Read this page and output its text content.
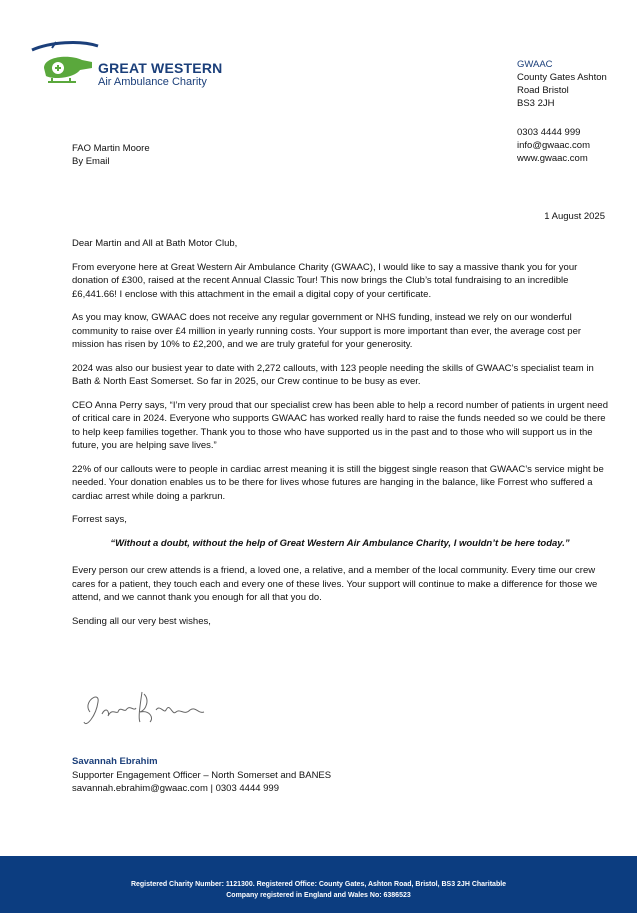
GREAT WESTERN
Air Ambulance Charity
GWAAC
County Gates Ashton
Road Bristol
BS3 2JH
0303 4444 999
info@gwaac.com
www.gwaac.com
FAO Martin Moore
By Email
1 August 2025

Dear Martin and All at Bath Motor Club,

From everyone here at Great Western Air Ambulance Charity (GWAAC), I would like to say a massive thank you for your donation of £300, raised at the recent Annual Classic Tour! This now brings the Club’s total fundraising to an incredible £6,441.66! I enclose with this attachment in the email a digital copy of your certificate.

As you may know, GWAAC does not receive any regular government or NHS funding, instead we rely on our wonderful community to raise over £4 million in yearly running costs. Your support is more important than ever, the average cost per mission has risen by 10% to £2,200, and we are truly grateful for your generosity.

2024 was also our busiest year to date with 2,272 callouts, with 123 people needing the skills of GWAAC’s specialist team in Bath & North East Somerset. So far in 2025, our Crew continue to be busy as ever.

CEO Anna Perry says, “I’m very proud that our specialist crew has been able to help a record number of patients in urgent need of critical care in 2024. Everyone who supports GWAAC has worked really hard to raise the funds needed so we could be there to help keep families together. Thank you to those who have supported us in the past and to those who will support us in the future, you are helping save lives.”

22% of our callouts were to people in cardiac arrest meaning it is still the biggest single reason that GWAAC’s service might be needed. Your donation enables us to be there for lives whose futures are hanging in the balance, like Forrest who suffered a cardiac arrest while doing a parkrun.

Forrest says,

“Without a doubt, without the help of Great Western Air Ambulance Charity, I wouldn’t be here today.”

Every person our crew attends is a friend, a loved one, a relative, and a member of the local community. Every time our crew cares for a patient, they touch each and every one of these lives. Your support will continue to make a difference for those we attend, and we cannot thank you enough for all that you do.

Sending all our very best wishes,

Savannah Ebrahim
Supporter Engagement Officer – North Somerset and BANES
savannah.ebrahim@gwaac.com | 0303 4444 999
Registered Charity Number: 1121300. Registered Office: County Gates, Ashton Road, Bristol, BS3 2JH Charitable
Company registered in England and Wales No: 6386523
